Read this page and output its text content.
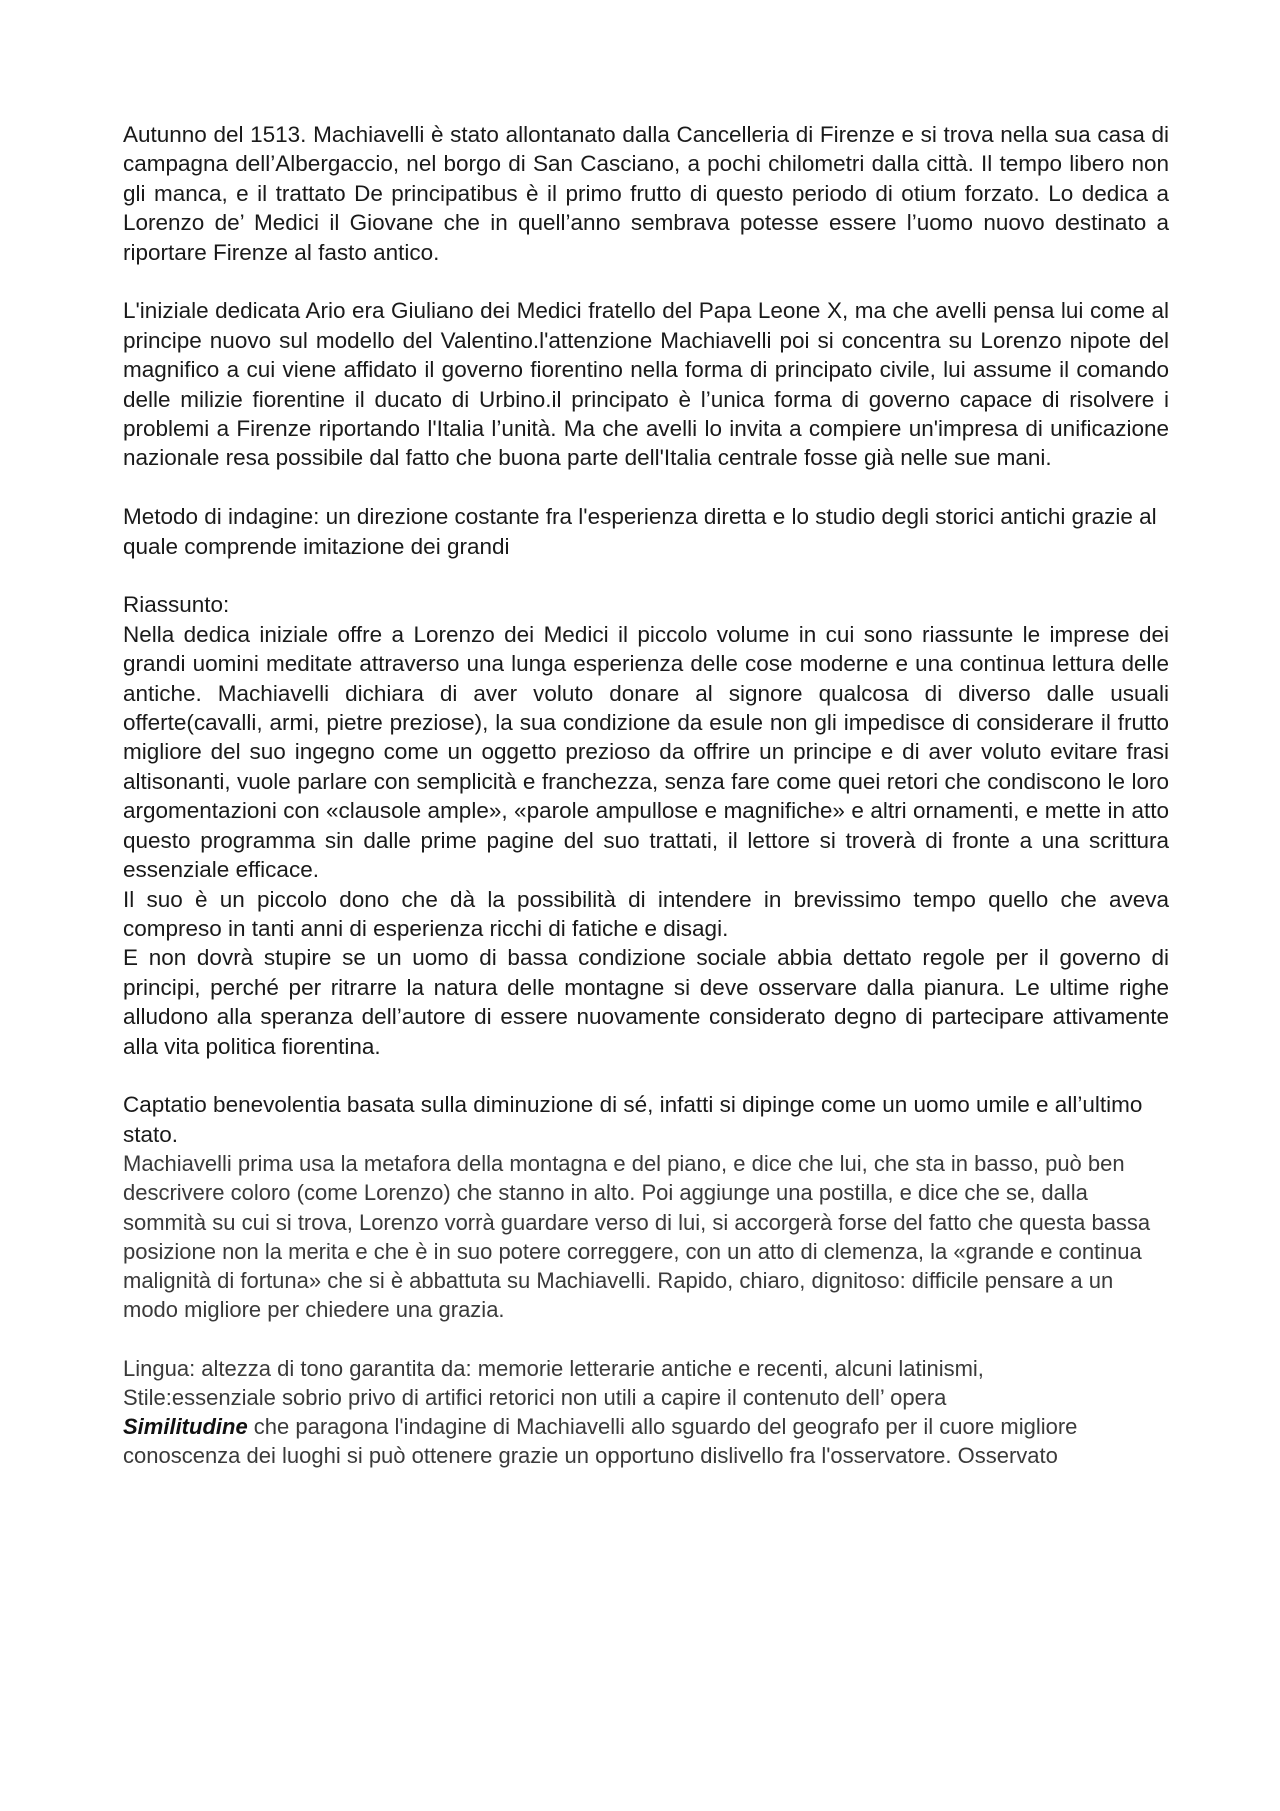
Autunno del 1513. Machiavelli è stato allontanato dalla Cancelleria di Firenze e si trova nella sua casa di campagna dell’Albergaccio, nel borgo di San Casciano, a pochi chilometri dalla città. Il tempo libero non gli manca, e il trattato De principatibus è il primo frutto di questo periodo di otium forzato. Lo dedica a Lorenzo de’ Medici il Giovane che in quell’anno sembrava potesse essere l’uomo nuovo destinato a riportare Firenze al fasto antico.
L'iniziale dedicata Ario era Giuliano dei Medici fratello del Papa Leone X, ma che avelli pensa lui come al principe nuovo sul modello del Valentino.l'attenzione Machiavelli poi si concentra su Lorenzo nipote del magnifico a cui viene affidato il governo fiorentino nella forma di principato civile, lui assume il comando delle milizie fiorentine il ducato di Urbino.il principato è l’unica forma di governo capace di risolvere i problemi a Firenze riportando l'Italia l’unità. Ma che avelli lo invita a compiere un'impresa di unificazione nazionale resa possibile dal fatto che buona parte dell'Italia centrale fosse già nelle sue mani.
Metodo di indagine: un direzione costante fra l'esperienza diretta e lo studio degli storici antichi grazie al quale comprende imitazione dei grandi
Riassunto:
Nella dedica iniziale offre a Lorenzo dei Medici il piccolo volume in cui sono riassunte le imprese dei grandi uomini meditate attraverso una lunga esperienza delle cose moderne e una continua lettura delle antiche. Machiavelli dichiara di aver voluto donare al signore qualcosa di diverso dalle usuali offerte(cavalli, armi, pietre preziose), la sua condizione da esule non gli impedisce di considerare il frutto migliore del suo ingegno come un oggetto prezioso da offrire un principe e di aver voluto evitare frasi altisonanti, vuole parlare con semplicità e franchezza, senza fare come quei retori che condiscono le loro argomentazioni con «clausole ample», «parole ampullose e magnifiche» e altri ornamenti, e mette in atto questo programma sin dalle prime pagine del suo trattati, il lettore si troverà di fronte a una scrittura essenziale efficace.
Il suo è un piccolo dono che dà la possibilità di intendere in brevissimo tempo quello che aveva compreso in tanti anni di esperienza ricchi di fatiche e disagi.
E non dovrà stupire se un uomo di bassa condizione sociale abbia dettato regole per il governo di principi, perché per ritrarre la natura delle montagne si deve osservare dalla pianura. Le ultime righe alludono alla speranza dell’autore di essere nuovamente considerato degno di partecipare attivamente alla vita politica fiorentina.
Captatio benevolentia basata sulla diminuzione di sé, infatti si dipinge come un uomo umile e all’ultimo stato.
Machiavelli prima usa la metafora della montagna e del piano, e dice che lui, che sta in basso, può ben descrivere coloro (come Lorenzo) che stanno in alto. Poi aggiunge una postilla, e dice che se, dalla sommità su cui si trova, Lorenzo vorrà guardare verso di lui, si accorgerà forse del fatto che questa bassa posizione non la merita e che è in suo potere correggere, con un atto di clemenza, la «grande e continua malignità di fortuna» che si è abbattuta su Machiavelli. Rapido, chiaro, dignitoso: difficile pensare a un modo migliore per chiedere una grazia.
Lingua: altezza di tono garantita da: memorie letterarie antiche e recenti, alcuni latinismi,
Stile:essenziale sobrio privo di artifici retorici non utili a capire il contenuto dell’ opera
Similitudine che paragona l'indagine di Machiavelli allo sguardo del geografo per il cuore migliore conoscenza dei luoghi si può ottenere grazie un opportuno dislivello fra l'osservatore. Osservato
